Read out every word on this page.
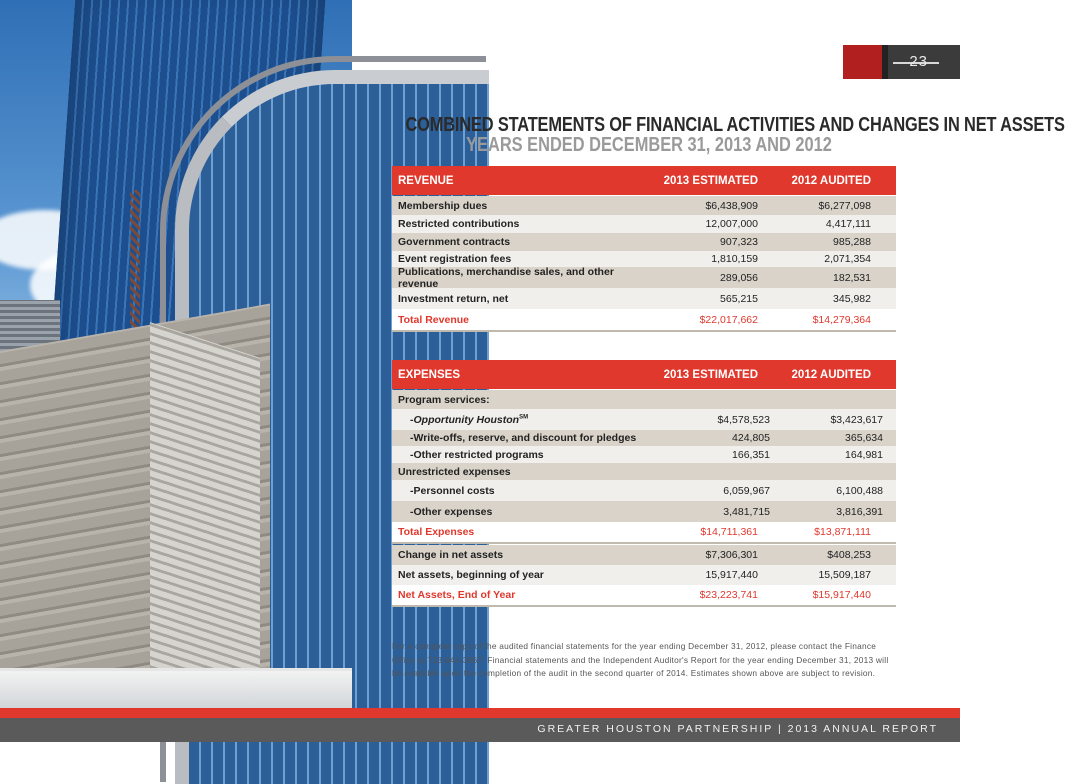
23
COMBINED STATEMENTS OF FINANCIAL ACTIVITIES AND CHANGES IN NET ASSETS
YEARS ENDED DECEMBER 31, 2013 AND 2012
REVENUE	2013 ESTIMATED	2012 AUDITED
Membership dues	$6,438,909	$6,277,098
Restricted contributions	12,007,000	4,417,111
Government contracts	907,323	985,288
Event registration fees	1,810,159	2,071,354
Publications, merchandise sales, and other revenue	289,056	182,531
Investment return, net	565,215	345,982
Total Revenue	$22,017,662	$14,279,364
EXPENSES	2013 ESTIMATED	2012 AUDITED
Program services:
-Opportunity Houston℠	$4,578,523	$3,423,617
-Write-offs, reserve, and discount for pledges	424,805	365,634
-Other restricted programs	166,351	164,981
Unrestricted expenses
-Personnel costs	6,059,967	6,100,488
-Other expenses	3,481,715	3,816,391
Total Expenses	$14,711,361	$13,871,111
Change in net assets	$7,306,301	$408,253
Net assets, beginning of year	15,917,440	15,509,187
Net Assets, End of Year	$23,223,741	$15,917,440
For a complete copy of the audited financial statements for the year ending December 31, 2012, please contact the Finance Office at 713-844-3667. Financial statements and the Independent Auditor's Report for the year ending December 31, 2013 will be available upon the completion of the audit in the second quarter of 2014. Estimates shown above are subject to revision.
GREATER HOUSTON PARTNERSHIP | 2013 ANNUAL REPORT
